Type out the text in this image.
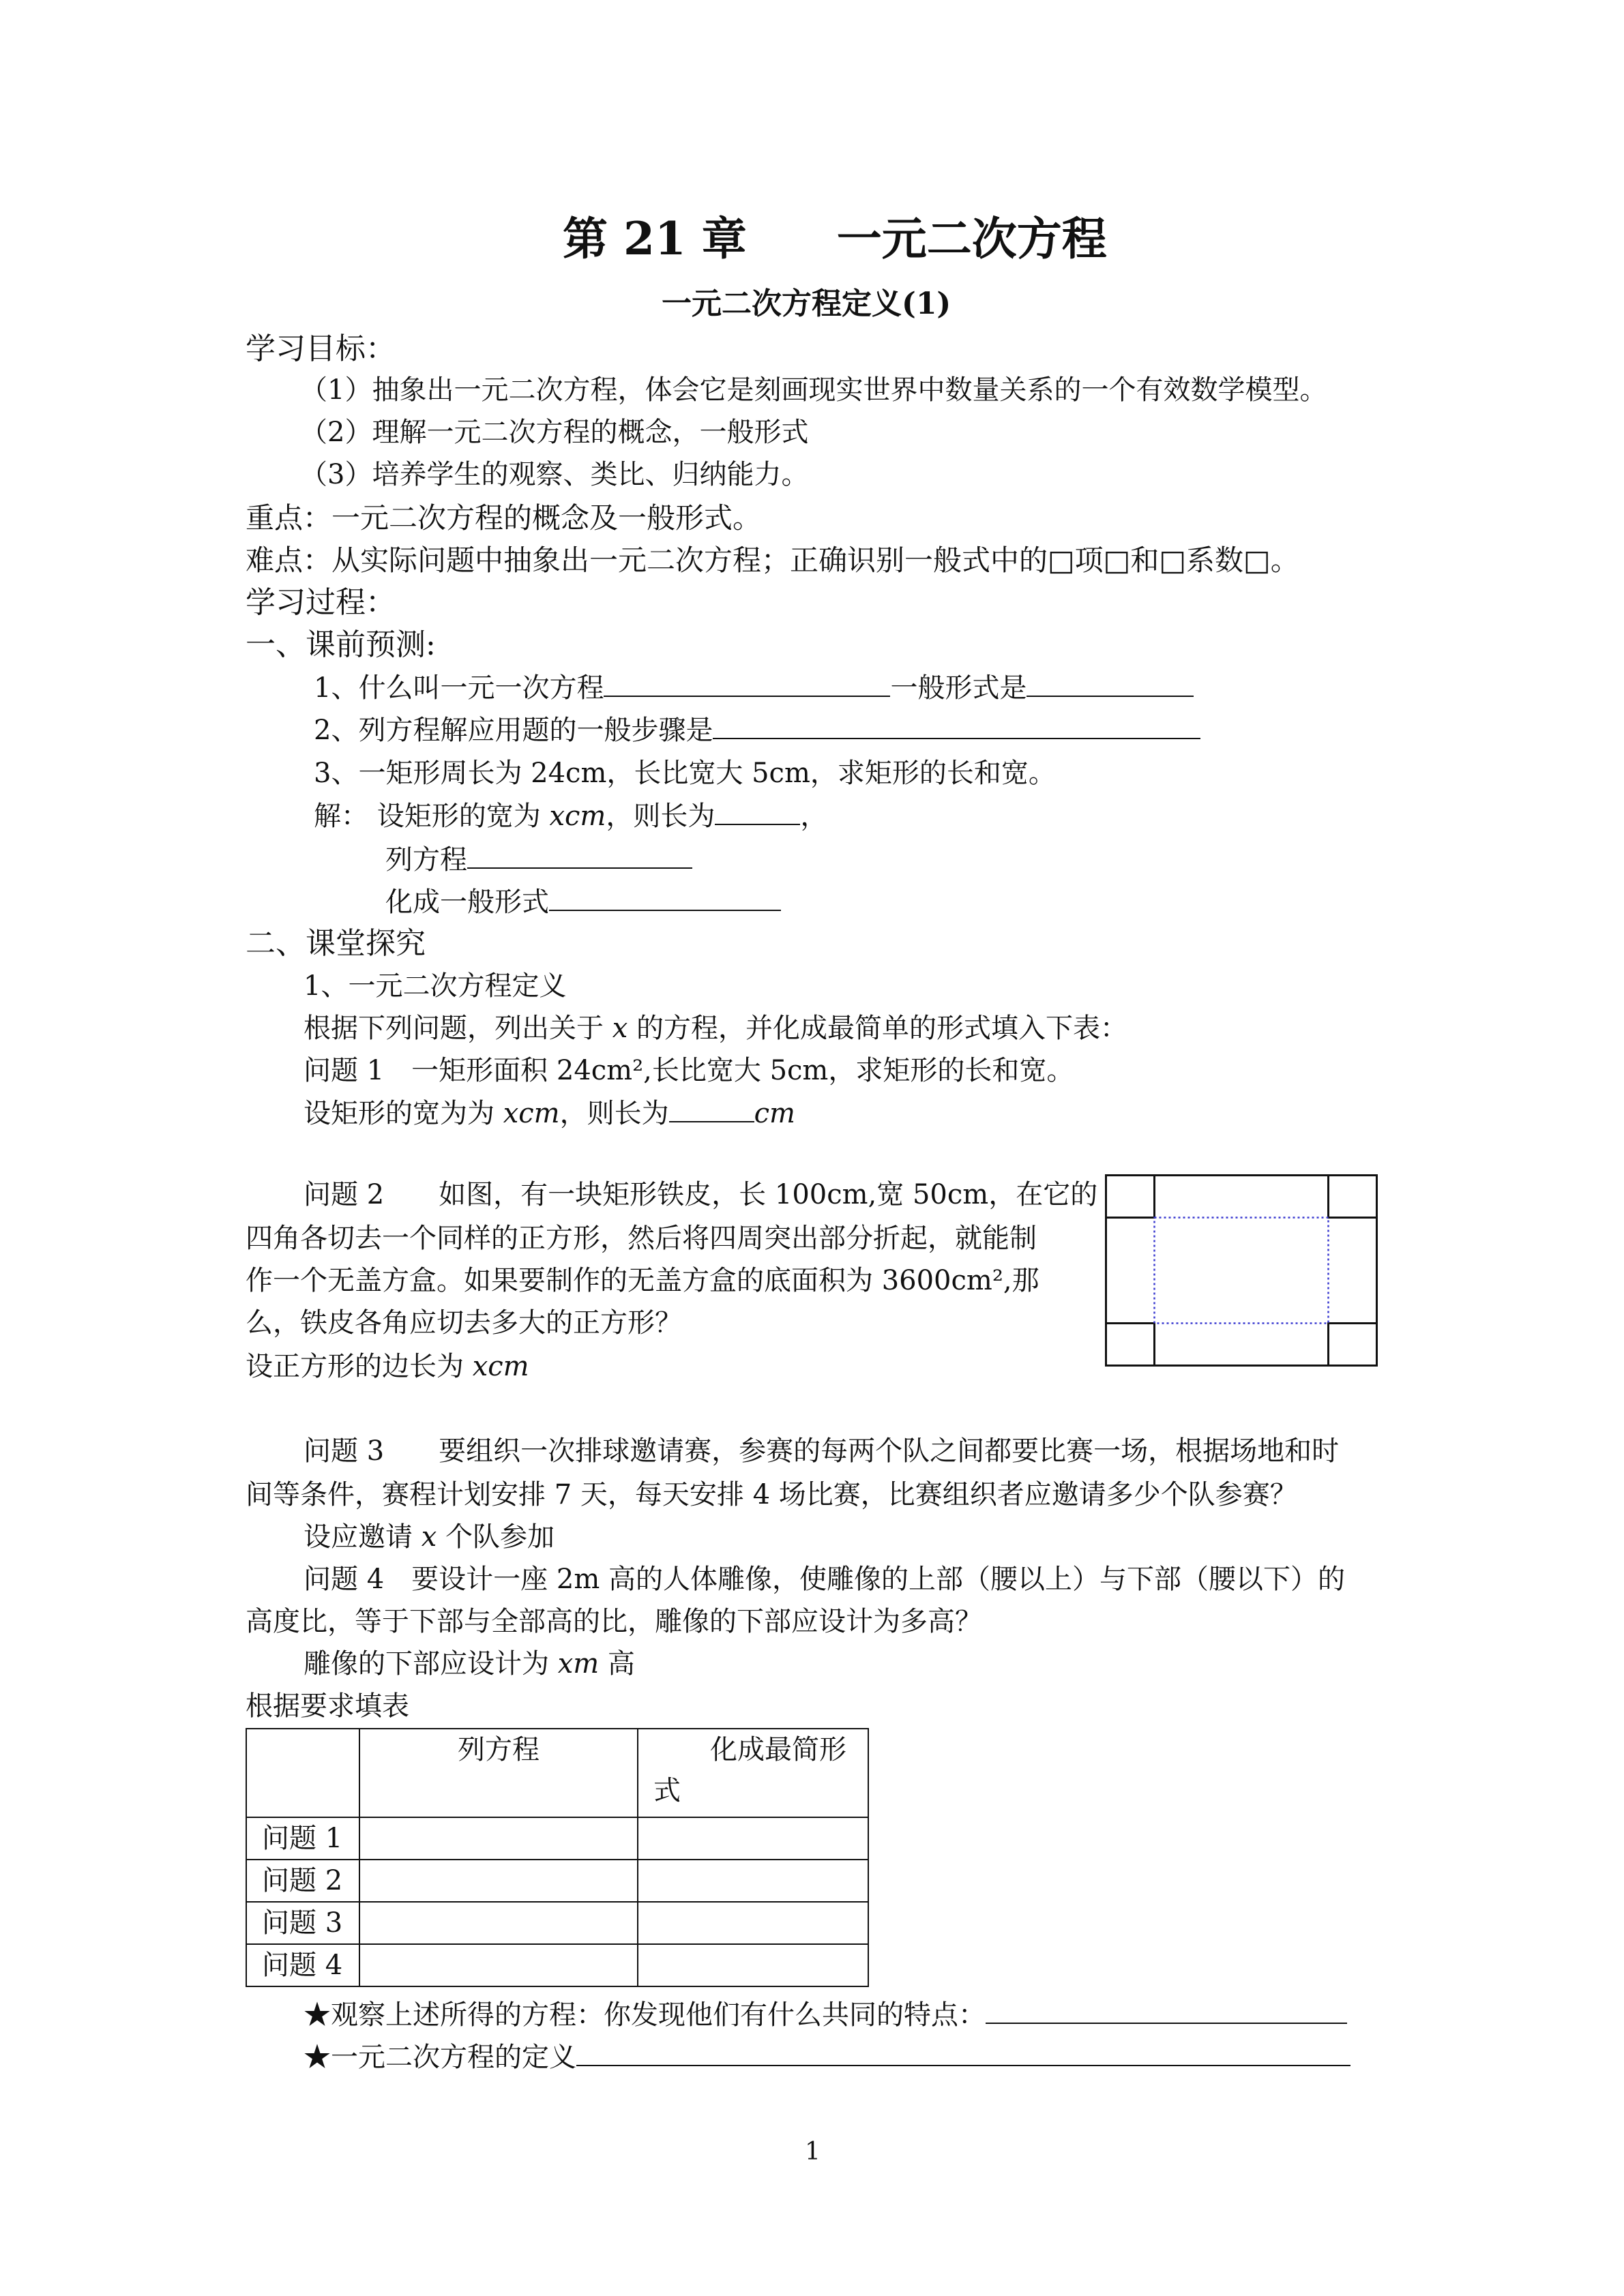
第 21 章　　一元二次方程
一元二次方程定义(1)
学习目标：
（1）抽象出一元二次方程，体会它是刻画现实世界中数量关系的一个有效数学模型。
（2）理解一元二次方程的概念，一般形式
（3）培养学生的观察、类比、归纳能力。
重点：一元二次方程的概念及一般形式。
难点：从实际问题中抽象出一元二次方程；正确识别一般式中的□项□和□系数□。
学习过程：
一、课前预测:
1、什么叫一元一次方程	一般形式是
2、列方程解应用题的一般步骤是
3、一矩形周长为 24cm，长比宽大 5cm，求矩形的长和宽。
解： 设矩形的宽为 xcm，则长为	，
列方程
化成一般形式
二、课堂探究
1、一元二次方程定义
根据下列问题，列出关于 x 的方程，并化成最简单的形式填入下表：
问题 1　一矩形面积 24cm²,长比宽大 5cm，求矩形的长和宽。
设矩形的宽为为 xcm，则长为	cm
问题 2　　如图，有一块矩形铁皮，长 100cm,宽 50cm，在它的
四角各切去一个同样的正方形，然后将四周突出部分折起，就能制
作一个无盖方盒。如果要制作的无盖方盒的底面积为 3600cm²,那
么，铁皮各角应切去多大的正方形？
设正方形的边长为 xcm
问题 3　　要组织一次排球邀请赛，参赛的每两个队之间都要比赛一场，根据场地和时
间等条件，赛程计划安排 7 天，每天安排 4 场比赛，比赛组织者应邀请多少个队参赛？
设应邀请 x 个队参加
问题 4　要设计一座 2m 高的人体雕像，使雕像的上部（腰以上）与下部（腰以下）的
高度比，等于下部与全部高的比，雕像的下部应设计为多高？
雕像的下部应设计为 xm 高
根据要求填表
	列方程	化成最简形
式

问题 1		
问题 2		
问题 3		
问题 4		
★观察上述所得的方程：你发现他们有什么共同的特点：
★一元二次方程的定义
1
